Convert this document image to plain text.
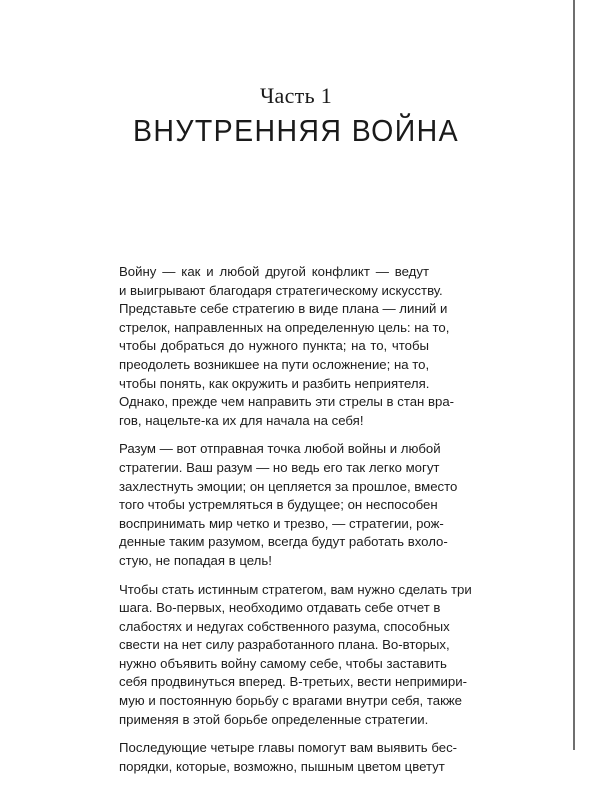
Часть 1
ВНУТРЕННЯЯ ВОЙНА

Войну — как и любой другой конфликт — ведут
и выигрывают благодаря стратегическому искусству.
Представьте себе стратегию в виде плана — линий и
стрелок, направленных на определенную цель: на то,
чтобы добраться до нужного пункта; на то, чтобы
преодолеть возникшее на пути осложнение; на то,
чтобы понять, как окружить и разбить неприятеля.
Однако, прежде чем направить эти стрелы в стан вра-
гов, нацельте-ка их для начала на себя!

Разум — вот отправная точка любой войны и любой
стратегии. Ваш разум — но ведь его так легко могут
захлестнуть эмоции; он цепляется за прошлое, вместо
того чтобы устремляться в будущее; он неспособен
воспринимать мир четко и трезво, — стратегии, рож-
денные таким разумом, всегда будут работать вхоло-
стую, не попадая в цель!

Чтобы стать истинным стратегом, вам нужно сделать три
шага. Во-первых, необходимо отдавать себе отчет в
слабостях и недугах собственного разума, способных
свести на нет силу разработанного плана. Во-вторых,
нужно объявить войну самому себе, чтобы заставить
себя продвинуться вперед. В-третьих, вести непримири-
мую и постоянную борьбу с врагами внутри себя, также
применяя в этой борьбе определенные стратегии.

Последующие четыре главы помогут вам выявить бес-
порядки, которые, возможно, пышным цветом цветут
